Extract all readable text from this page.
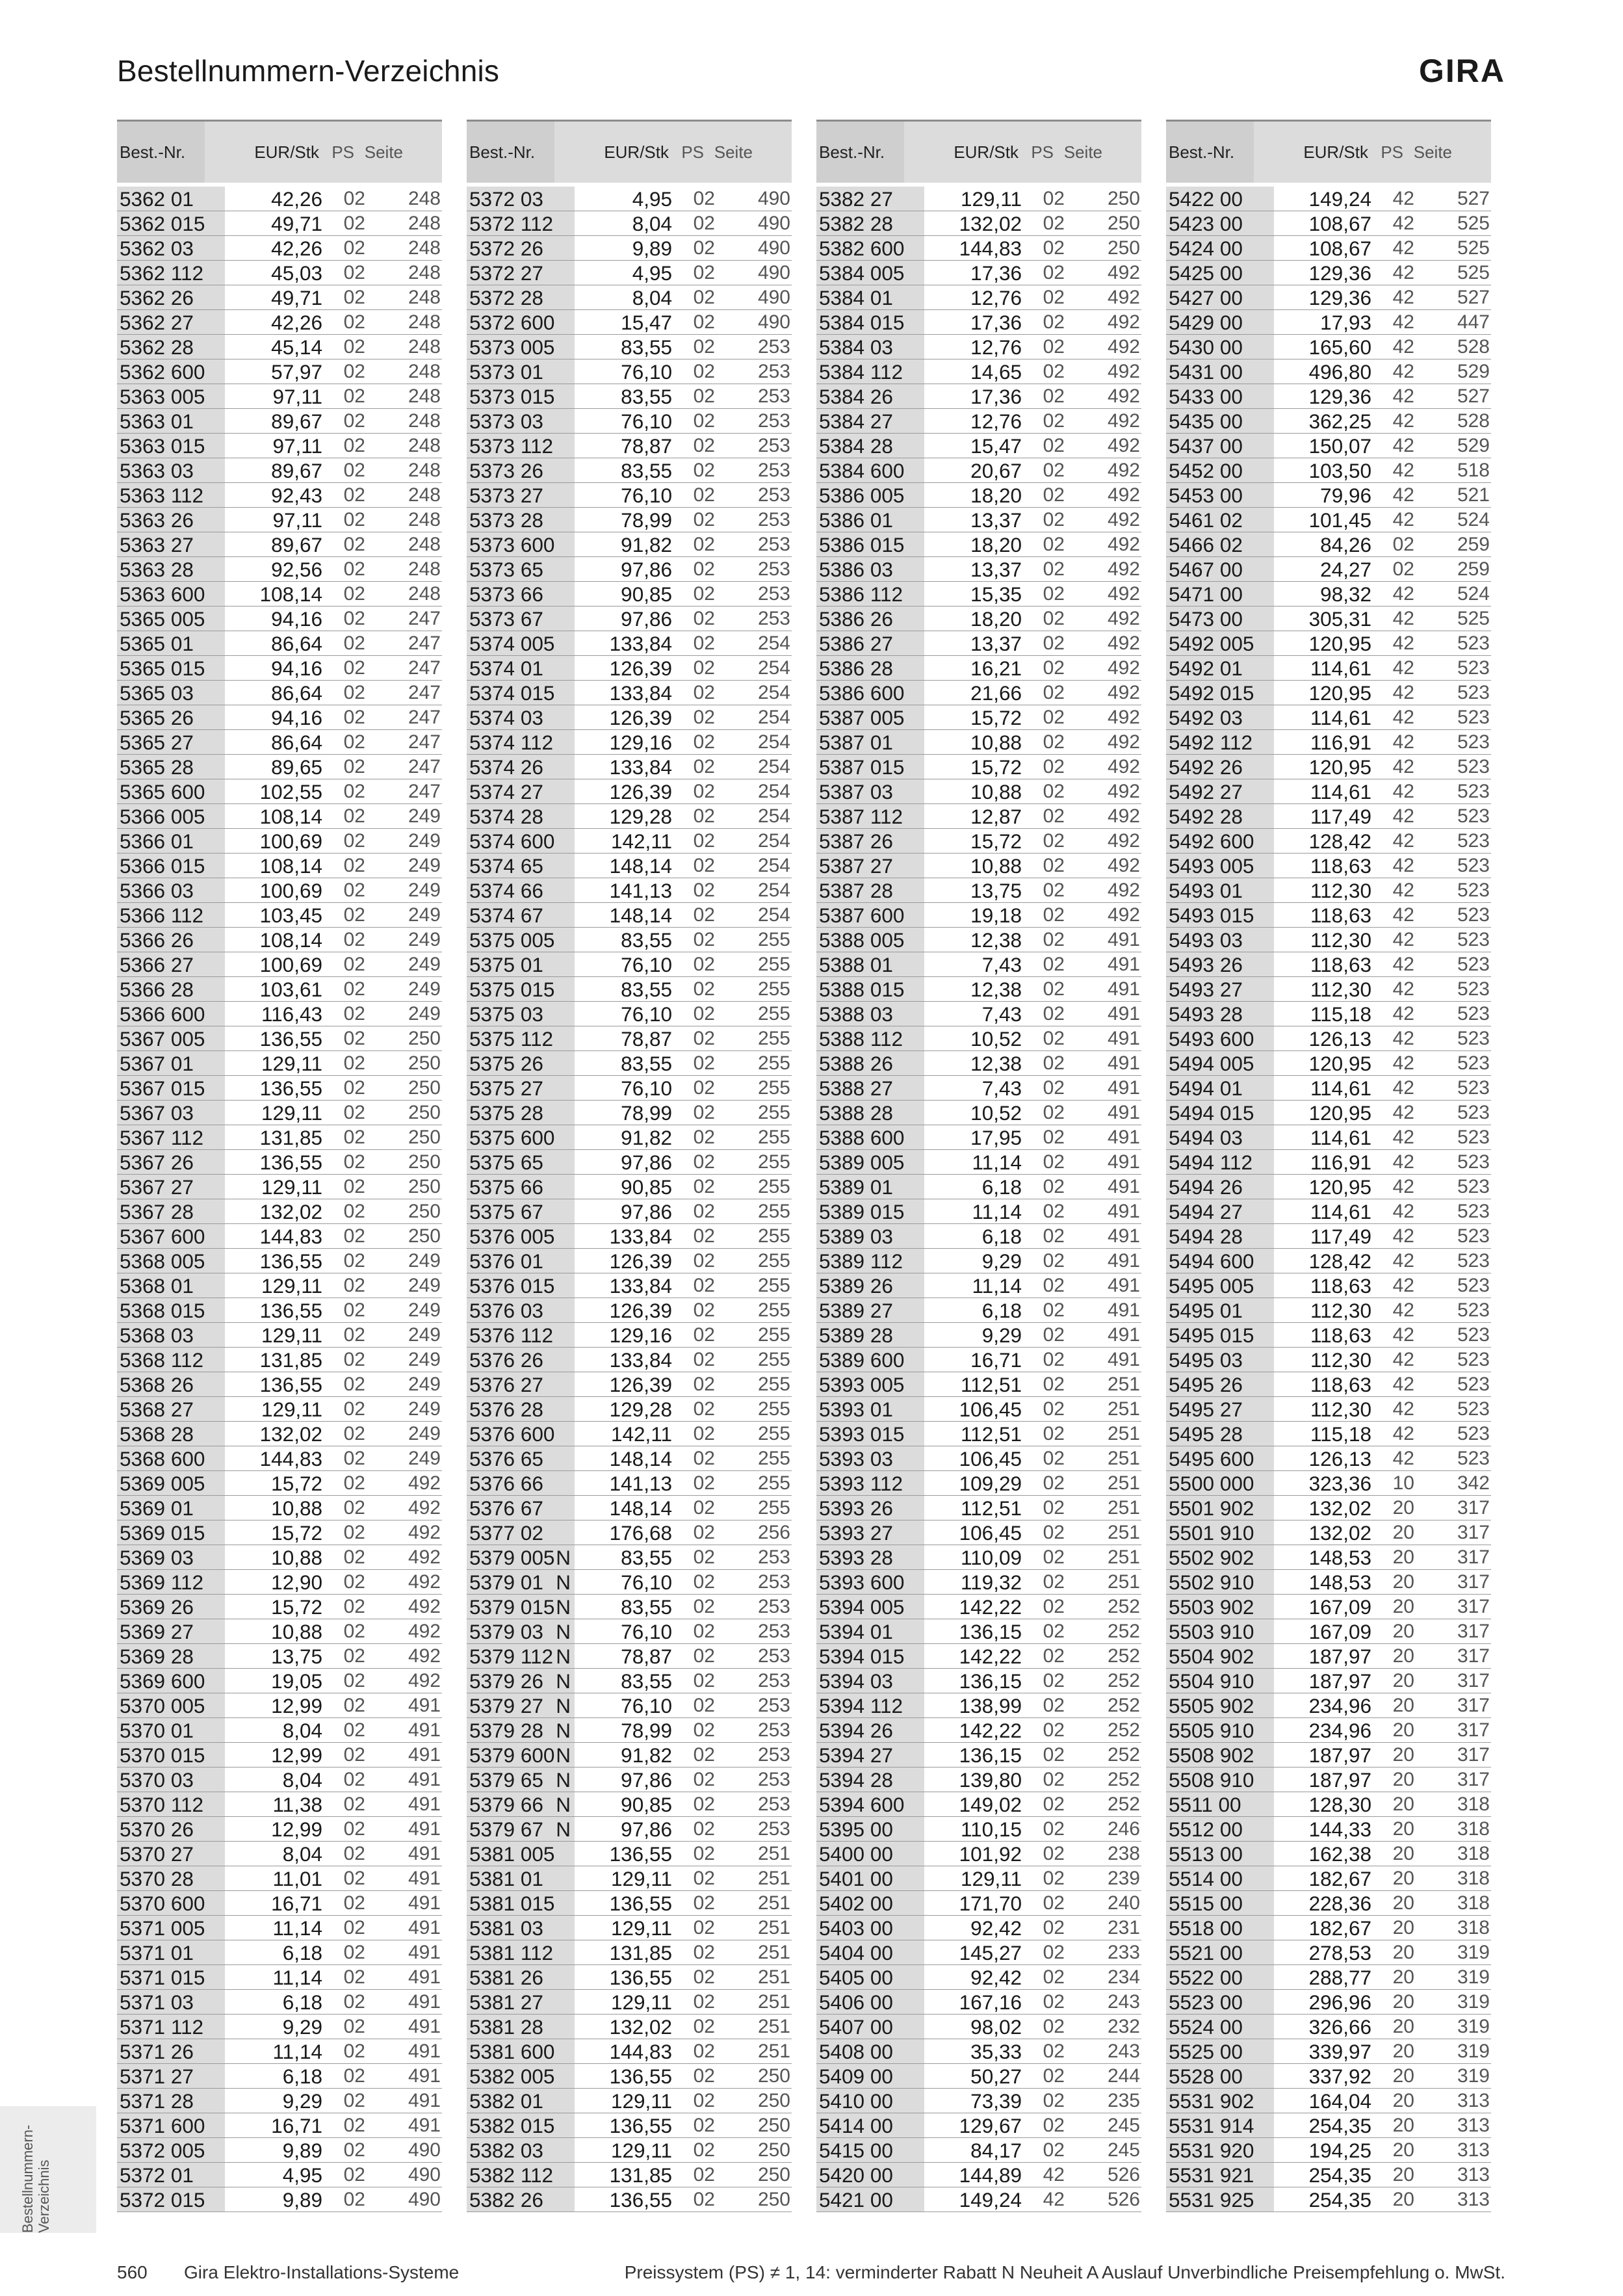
Bestellnummern-Verzeichnis	GIRA
Best.-Nr.	EUR/Stk PS Seite
5362 01	42,26	02	248
5362 015	49,71	02	248
5362 03	42,26	02	248
5362 112	45,03	02	248
5362 26	49,71	02	248
5362 27	42,26	02	248
5362 28	45,14	02	248
5362 600	57,97	02	248
5363 005	97,11	02	248
5363 01	89,67	02	248
5363 015	97,11	02	248
5363 03	89,67	02	248
5363 112	92,43	02	248
5363 26	97,11	02	248
5363 27	89,67	02	248
5363 28	92,56	02	248
5363 600	108,14	02	248
5365 005	94,16	02	247
5365 01	86,64	02	247
5365 015	94,16	02	247
5365 03	86,64	02	247
5365 26	94,16	02	247
5365 27	86,64	02	247
5365 28	89,65	02	247
5365 600	102,55	02	247
5366 005	108,14	02	249
5366 01	100,69	02	249
5366 015	108,14	02	249
5366 03	100,69	02	249
5366 112	103,45	02	249
5366 26	108,14	02	249
5366 27	100,69	02	249
5366 28	103,61	02	249
5366 600	116,43	02	249
5367 005	136,55	02	250
5367 01	129,11	02	250
5367 015	136,55	02	250
5367 03	129,11	02	250
5367 112	131,85	02	250
5367 26	136,55	02	250
5367 27	129,11	02	250
5367 28	132,02	02	250
5367 600	144,83	02	250
5368 005	136,55	02	249
5368 01	129,11	02	249
5368 015	136,55	02	249
5368 03	129,11	02	249
5368 112	131,85	02	249
5368 26	136,55	02	249
5368 27	129,11	02	249
5368 28	132,02	02	249
5368 600	144,83	02	249
5369 005	15,72	02	492
5369 01	10,88	02	492
5369 015	15,72	02	492
5369 03	10,88	02	492
5369 112	12,90	02	492
5369 26	15,72	02	492
5369 27	10,88	02	492
5369 28	13,75	02	492
5369 600	19,05	02	492
5370 005	12,99	02	491
5370 01	8,04	02	491
5370 015	12,99	02	491
5370 03	8,04	02	491
5370 112	11,38	02	491
5370 26	12,99	02	491
5370 27	8,04	02	491
5370 28	11,01	02	491
5370 600	16,71	02	491
5371 005	11,14	02	491
5371 01	6,18	02	491
5371 015	11,14	02	491
5371 03	6,18	02	491
5371 112	9,29	02	491
5371 26	11,14	02	491
5371 27	6,18	02	491
5371 28	9,29	02	491
5371 600	16,71	02	491
5372 005	9,89	02	490
5372 01	4,95	02	490
5372 015	9,89	02	490
Best.-Nr.	EUR/Stk PS Seite
5372 03	4,95	02	490
5372 112	8,04	02	490
5372 26	9,89	02	490
5372 27	4,95	02	490
5372 28	8,04	02	490
5372 600	15,47	02	490
5373 005	83,55	02	253
5373 01	76,10	02	253
5373 015	83,55	02	253
5373 03	76,10	02	253
5373 112	78,87	02	253
5373 26	83,55	02	253
5373 27	76,10	02	253
5373 28	78,99	02	253
5373 600	91,82	02	253
5373 65	97,86	02	253
5373 66	90,85	02	253
5373 67	97,86	02	253
5374 005	133,84	02	254
5374 01	126,39	02	254
5374 015	133,84	02	254
5374 03	126,39	02	254
5374 112	129,16	02	254
5374 26	133,84	02	254
5374 27	126,39	02	254
5374 28	129,28	02	254
5374 600	142,11	02	254
5374 65	148,14	02	254
5374 66	141,13	02	254
5374 67	148,14	02	254
5375 005	83,55	02	255
5375 01	76,10	02	255
5375 015	83,55	02	255
5375 03	76,10	02	255
5375 112	78,87	02	255
5375 26	83,55	02	255
5375 27	76,10	02	255
5375 28	78,99	02	255
5375 600	91,82	02	255
5375 65	97,86	02	255
5375 66	90,85	02	255
5375 67	97,86	02	255
5376 005	133,84	02	255
5376 01	126,39	02	255
5376 015	133,84	02	255
5376 03	126,39	02	255
5376 112	129,16	02	255
5376 26	133,84	02	255
5376 27	126,39	02	255
5376 28	129,28	02	255
5376 600	142,11	02	255
5376 65	148,14	02	255
5376 66	141,13	02	255
5376 67	148,14	02	255
5377 02	176,68	02	256
5379 005 N	83,55	02	253
5379 01 N	76,10	02	253
5379 015 N	83,55	02	253
5379 03 N	76,10	02	253
5379 112 N	78,87	02	253
5379 26 N	83,55	02	253
5379 27 N	76,10	02	253
5379 28 N	78,99	02	253
5379 600 N	91,82	02	253
5379 65 N	97,86	02	253
5379 66 N	90,85	02	253
5379 67 N	97,86	02	253
5381 005	136,55	02	251
5381 01	129,11	02	251
5381 015	136,55	02	251
5381 03	129,11	02	251
5381 112	131,85	02	251
5381 26	136,55	02	251
5381 27	129,11	02	251
5381 28	132,02	02	251
5381 600	144,83	02	251
5382 005	136,55	02	250
5382 01	129,11	02	250
5382 015	136,55	02	250
5382 03	129,11	02	250
5382 112	131,85	02	250
5382 26	136,55	02	250
Best.-Nr.	EUR/Stk PS Seite
5382 27	129,11	02	250
5382 28	132,02	02	250
5382 600	144,83	02	250
5384 005	17,36	02	492
5384 01	12,76	02	492
5384 015	17,36	02	492
5384 03	12,76	02	492
5384 112	14,65	02	492
5384 26	17,36	02	492
5384 27	12,76	02	492
5384 28	15,47	02	492
5384 600	20,67	02	492
5386 005	18,20	02	492
5386 01	13,37	02	492
5386 015	18,20	02	492
5386 03	13,37	02	492
5386 112	15,35	02	492
5386 26	18,20	02	492
5386 27	13,37	02	492
5386 28	16,21	02	492
5386 600	21,66	02	492
5387 005	15,72	02	492
5387 01	10,88	02	492
5387 015	15,72	02	492
5387 03	10,88	02	492
5387 112	12,87	02	492
5387 26	15,72	02	492
5387 27	10,88	02	492
5387 28	13,75	02	492
5387 600	19,18	02	492
5388 005	12,38	02	491
5388 01	7,43	02	491
5388 015	12,38	02	491
5388 03	7,43	02	491
5388 112	10,52	02	491
5388 26	12,38	02	491
5388 27	7,43	02	491
5388 28	10,52	02	491
5388 600	17,95	02	491
5389 005	11,14	02	491
5389 01	6,18	02	491
5389 015	11,14	02	491
5389 03	6,18	02	491
5389 112	9,29	02	491
5389 26	11,14	02	491
5389 27	6,18	02	491
5389 28	9,29	02	491
5389 600	16,71	02	491
5393 005	112,51	02	251
5393 01	106,45	02	251
5393 015	112,51	02	251
5393 03	106,45	02	251
5393 112	109,29	02	251
5393 26	112,51	02	251
5393 27	106,45	02	251
5393 28	110,09	02	251
5393 600	119,32	02	251
5394 005	142,22	02	252
5394 01	136,15	02	252
5394 015	142,22	02	252
5394 03	136,15	02	252
5394 112	138,99	02	252
5394 26	142,22	02	252
5394 27	136,15	02	252
5394 28	139,80	02	252
5394 600	149,02	02	252
5395 00	110,15	02	246
5400 00	101,92	02	238
5401 00	129,11	02	239
5402 00	171,70	02	240
5403 00	92,42	02	231
5404 00	145,27	02	233
5405 00	92,42	02	234
5406 00	167,16	02	243
5407 00	98,02	02	232
5408 00	35,33	02	243
5409 00	50,27	02	244
5410 00	73,39	02	235
5414 00	129,67	02	245
5415 00	84,17	02	245
5420 00	144,89	42	526
5421 00	149,24	42	526
Best.-Nr.	EUR/Stk PS Seite
5422 00	149,24	42	527
5423 00	108,67	42	525
5424 00	108,67	42	525
5425 00	129,36	42	525
5427 00	129,36	42	527
5429 00	17,93	42	447
5430 00	165,60	42	528
5431 00	496,80	42	529
5433 00	129,36	42	527
5435 00	362,25	42	528
5437 00	150,07	42	529
5452 00	103,50	42	518
5453 00	79,96	42	521
5461 02	101,45	42	524
5466 02	84,26	02	259
5467 00	24,27	02	259
5471 00	98,32	42	524
5473 00	305,31	42	525
5492 005	120,95	42	523
5492 01	114,61	42	523
5492 015	120,95	42	523
5492 03	114,61	42	523
5492 112	116,91	42	523
5492 26	120,95	42	523
5492 27	114,61	42	523
5492 28	117,49	42	523
5492 600	128,42	42	523
5493 005	118,63	42	523
5493 01	112,30	42	523
5493 015	118,63	42	523
5493 03	112,30	42	523
5493 26	118,63	42	523
5493 27	112,30	42	523
5493 28	115,18	42	523
5493 600	126,13	42	523
5494 005	120,95	42	523
5494 01	114,61	42	523
5494 015	120,95	42	523
5494 03	114,61	42	523
5494 112	116,91	42	523
5494 26	120,95	42	523
5494 27	114,61	42	523
5494 28	117,49	42	523
5494 600	128,42	42	523
5495 005	118,63	42	523
5495 01	112,30	42	523
5495 015	118,63	42	523
5495 03	112,30	42	523
5495 26	118,63	42	523
5495 27	112,30	42	523
5495 28	115,18	42	523
5495 600	126,13	42	523
5500 000	323,36	10	342
5501 902	132,02	20	317
5501 910	132,02	20	317
5502 902	148,53	20	317
5502 910	148,53	20	317
5503 902	167,09	20	317
5503 910	167,09	20	317
5504 902	187,97	20	317
5504 910	187,97	20	317
5505 902	234,96	20	317
5505 910	234,96	20	317
5508 902	187,97	20	317
5508 910	187,97	20	317
5511 00	128,30	20	318
5512 00	144,33	20	318
5513 00	162,38	20	318
5514 00	182,67	20	318
5515 00	228,36	20	318
5518 00	182,67	20	318
5521 00	278,53	20	319
5522 00	288,77	20	319
5523 00	296,96	20	319
5524 00	326,66	20	319
5525 00	339,97	20	319
5528 00	337,92	20	319
5531 902	164,04	20	313
5531 914	254,35	20	313
5531 920	194,25	20	313
5531 921	254,35	20	313
5531 925	254,35	20	313
Bestellnummern-
Verzeichnis
560 Gira Elektro-Installations-Systeme	Preissystem (PS) ≠ 1, 14: verminderter Rabatt N Neuheit A Auslauf Unverbindliche Preisempfehlung o. MwSt.
